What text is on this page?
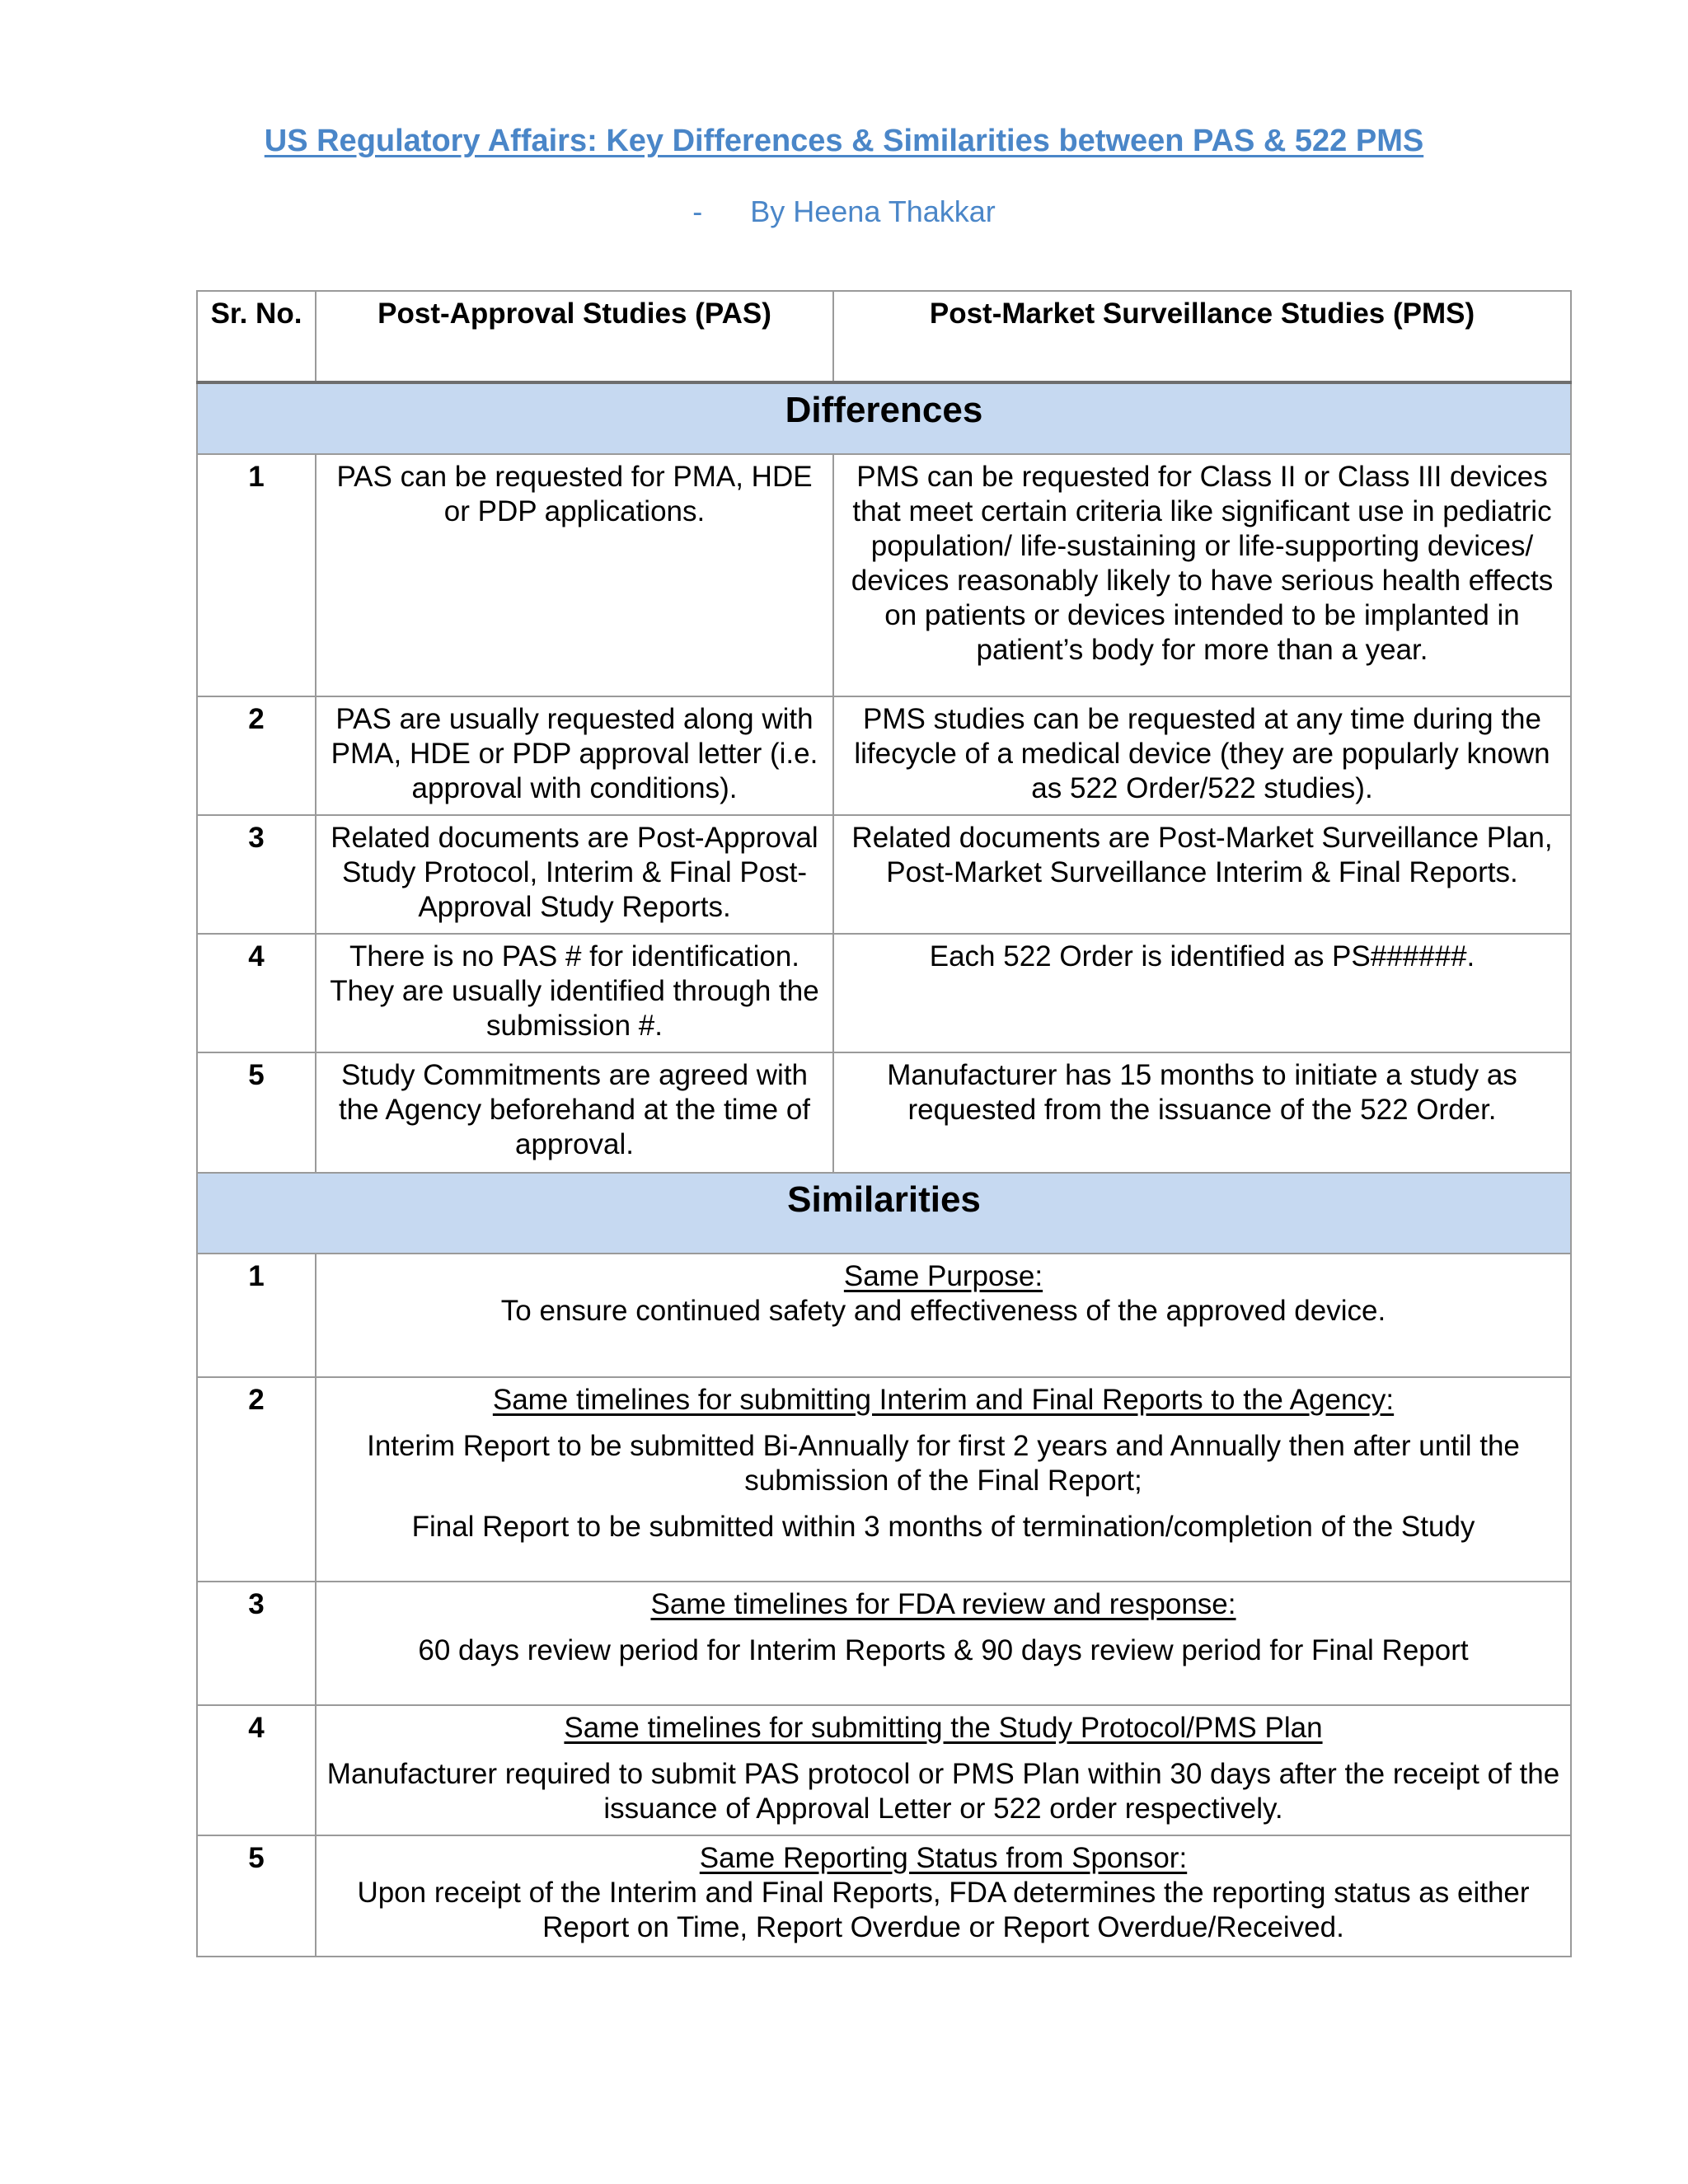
US Regulatory Affairs: Key Differences & Similarities between PAS & 522 PMS
- By Heena Thakkar
Sr. No.	Post-Approval Studies (PAS)	Post-Market Surveillance Studies (PMS)
Differences		
1	PAS can be requested for PMA, HDE or PDP applications.	PMS can be requested for Class II or Class III devices that meet certain criteria like significant use in pediatric population/ life-sustaining or life-supporting devices/ devices reasonably likely to have serious health effects on patients or devices intended to be implanted in patient’s body for more than a year.
2	PAS are usually requested along with PMA, HDE or PDP approval letter (i.e. approval with conditions).	PMS studies can be requested at any time during the lifecycle of a medical device (they are popularly known as 522 Order/522 studies).
3	Related documents are Post-Approval Study Protocol, Interim & Final Post-Approval Study Reports.	Related documents are Post-Market Surveillance Plan, Post-Market Surveillance Interim & Final Reports.
4	There is no PAS # for identification. They are usually identified through the submission #.	Each 522 Order is identified as PS######.
5	Study Commitments are agreed with the Agency beforehand at the time of approval.	Manufacturer has 15 months to initiate a study as requested from the issuance of the 522 Order.
Similarities		
1	Same Purpose:
To ensure continued safety and effectiveness of the approved device.	

2	Same timelines for submitting Interim and Final Reports to the Agency:
Interim Report to be submitted Bi-Annually for first 2 years and Annually then after until the submission of the Final Report;
Final Report to be submitted within 3 months of termination/completion of the Study	

3	Same timelines for FDA review and response:
60 days review period for Interim Reports & 90 days review period for Final Report	

4	Same timelines for submitting the Study Protocol/PMS Plan
Manufacturer required to submit PAS protocol or PMS Plan within 30 days after the receipt of the issuance of Approval Letter or 522 order respectively.	

5	Same Reporting Status from Sponsor:
Upon receipt of the Interim and Final Reports, FDA determines the reporting status as either Report on Time, Report Overdue or Report Overdue/Received.	
